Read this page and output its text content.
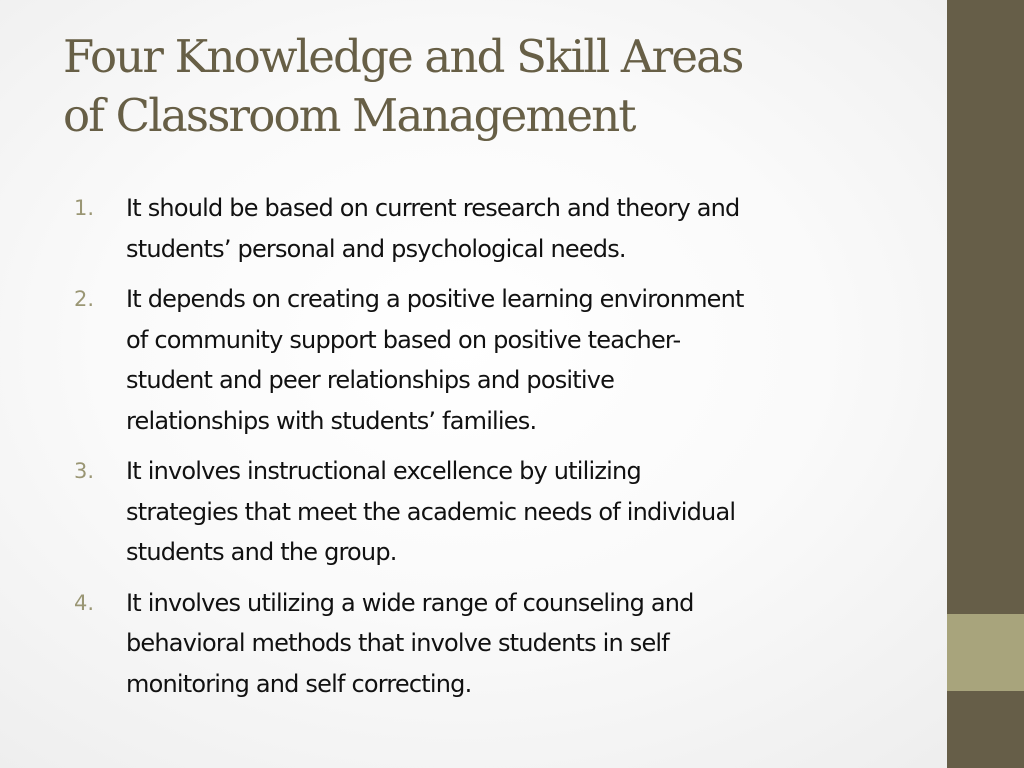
Four Knowledge and Skill Areas
of Classroom Management
1.	It should be based on current research and theory and
students’ personal and psychological needs.
2.	It depends on creating a positive learning environment
of community support based on positive teacher-
student and peer relationships and positive
relationships with students’ families.
3.	It involves instructional excellence by utilizing
strategies that meet the academic needs of individual
students and the group.
4.	It involves utilizing a wide range of counseling and
behavioral methods that involve students in self
monitoring and self correcting.
